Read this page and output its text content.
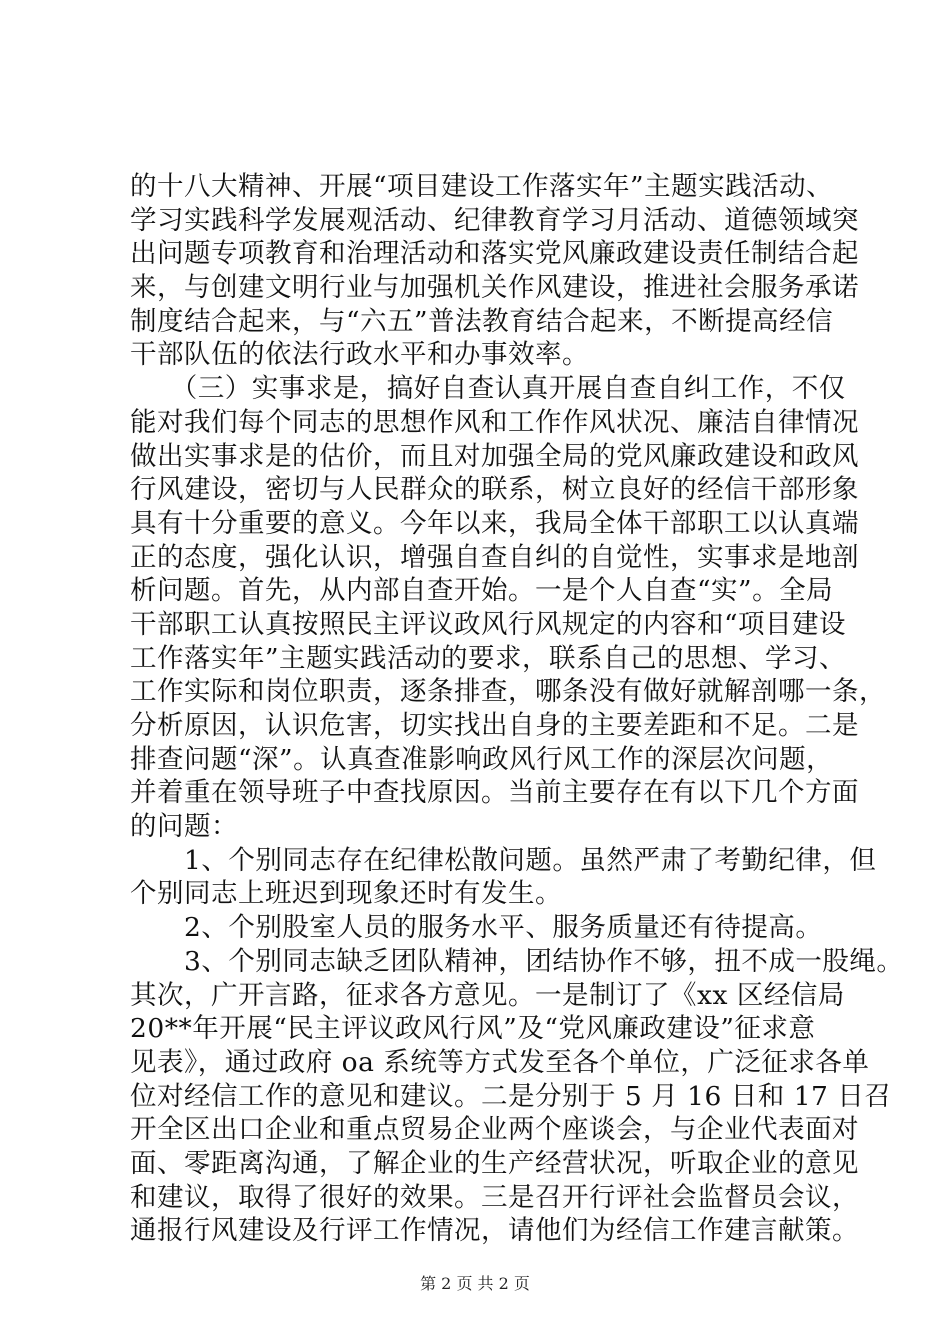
的十八大精神、开展“项目建设工作落实年”主题实践活动、
学习实践科学发展观活动、纪律教育学习月活动、道德领域突
出问题专项教育和治理活动和落实党风廉政建设责任制结合起
来，与创建文明行业与加强机关作风建设，推进社会服务承诺
制度结合起来，与“六五”普法教育结合起来，不断提高经信
干部队伍的依法行政水平和办事效率。
　　（三）实事求是，搞好自查认真开展自查自纠工作，不仅
能对我们每个同志的思想作风和工作作风状况、廉洁自律情况
做出实事求是的估价，而且对加强全局的党风廉政建设和政风
行风建设，密切与人民群众的联系，树立良好的经信干部形象
具有十分重要的意义。今年以来，我局全体干部职工以认真端
正的态度，强化认识，增强自查自纠的自觉性，实事求是地剖
析问题。首先，从内部自查开始。一是个人自查“实”。全局
干部职工认真按照民主评议政风行风规定的内容和“项目建设
工作落实年”主题实践活动的要求，联系自己的思想、学习、
工作实际和岗位职责，逐条排查，哪条没有做好就解剖哪一条，
分析原因，认识危害，切实找出自身的主要差距和不足。二是
排查问题“深”。认真查准影响政风行风工作的深层次问题，
并着重在领导班子中查找原因。当前主要存在有以下几个方面
的问题：
　　1、个别同志存在纪律松散问题。虽然严肃了考勤纪律，但
个别同志上班迟到现象还时有发生。
　　2、个别股室人员的服务水平、服务质量还有待提高。
　　3、个别同志缺乏团队精神，团结协作不够，扭不成一股绳。
其次，广开言路，征求各方意见。一是制订了《xx 区经信局
20**年开展“民主评议政风行风”及“党风廉政建设”征求意
见表》，通过政府 oa 系统等方式发至各个单位，广泛征求各单
位对经信工作的意见和建议。二是分别于 5 月 16 日和 17 日召
开全区出口企业和重点贸易企业两个座谈会，与企业代表面对
面、零距离沟通，了解企业的生产经营状况，听取企业的意见
和建议，取得了很好的效果。三是召开行评社会监督员会议，
通报行风建设及行评工作情况，请他们为经信工作建言献策。
第 2 页 共 2 页
